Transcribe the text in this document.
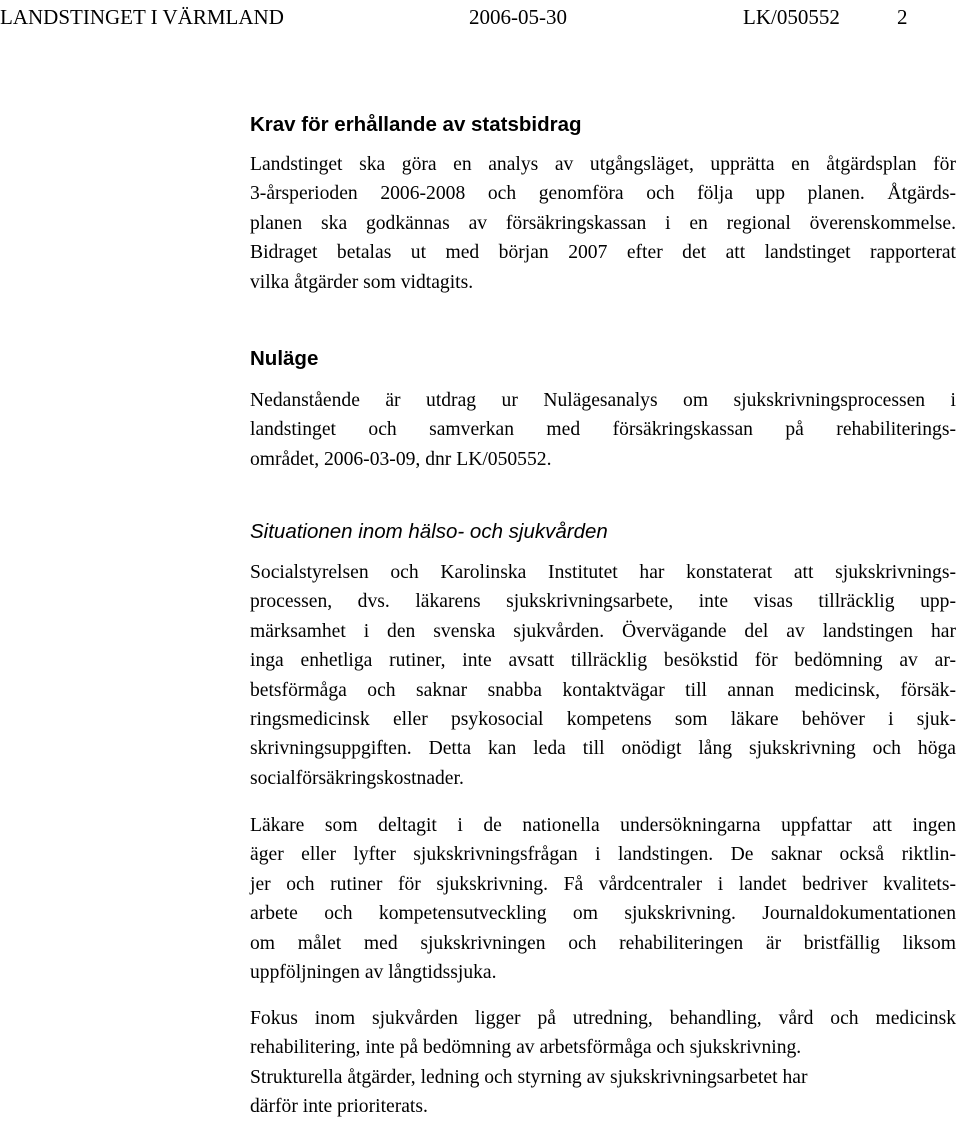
LANDSTINGET I VÄRMLAND	2006-05-30	LK/050552	2
Krav för erhållande av statsbidrag
Landstinget ska göra en analys av utgångsläget, upprätta en åtgärdsplan för
3-årsperioden 2006-2008 och genomföra och följa upp planen. Åtgärds-
planen ska godkännas av försäkringskassan i en regional överenskommelse.
Bidraget betalas ut med början 2007 efter det att landstinget rapporterat
vilka åtgärder som vidtagits.
Nuläge
Nedanstående är utdrag ur Nulägesanalys om sjukskrivningsprocessen i
landstinget och samverkan med försäkringskassan på rehabiliterings-
området, 2006-03-09, dnr LK/050552.
Situationen inom hälso- och sjukvården
Socialstyrelsen och Karolinska Institutet har konstaterat att sjukskrivnings-
processen, dvs. läkarens sjukskrivningsarbete, inte visas tillräcklig upp-
märksamhet i den svenska sjukvården. Övervägande del av landstingen har
inga enhetliga rutiner, inte avsatt tillräcklig besökstid för bedömning av ar-
betsförmåga och saknar snabba kontaktvägar till annan medicinsk, försäk-
ringsmedicinsk eller psykosocial kompetens som läkare behöver i sjuk-
skrivningsuppgiften. Detta kan leda till onödigt lång sjukskrivning och höga
socialförsäkringskostnader.
Läkare som deltagit i de nationella undersökningarna uppfattar att ingen
äger eller lyfter sjukskrivningsfrågan i landstingen. De saknar också riktlin-
jer och rutiner för sjukskrivning. Få vårdcentraler i landet bedriver kvalitets-
arbete och kompetensutveckling om sjukskrivning. Journaldokumentationen
om målet med sjukskrivningen och rehabiliteringen är bristfällig liksom
uppföljningen av långtidssjuka.
Fokus inom sjukvården ligger på utredning, behandling, vård och medicinsk
rehabilitering, inte på bedömning av arbetsförmåga och sjukskrivning.
Strukturella åtgärder, ledning och styrning av sjukskrivningsarbetet har
därför inte prioriterats.
